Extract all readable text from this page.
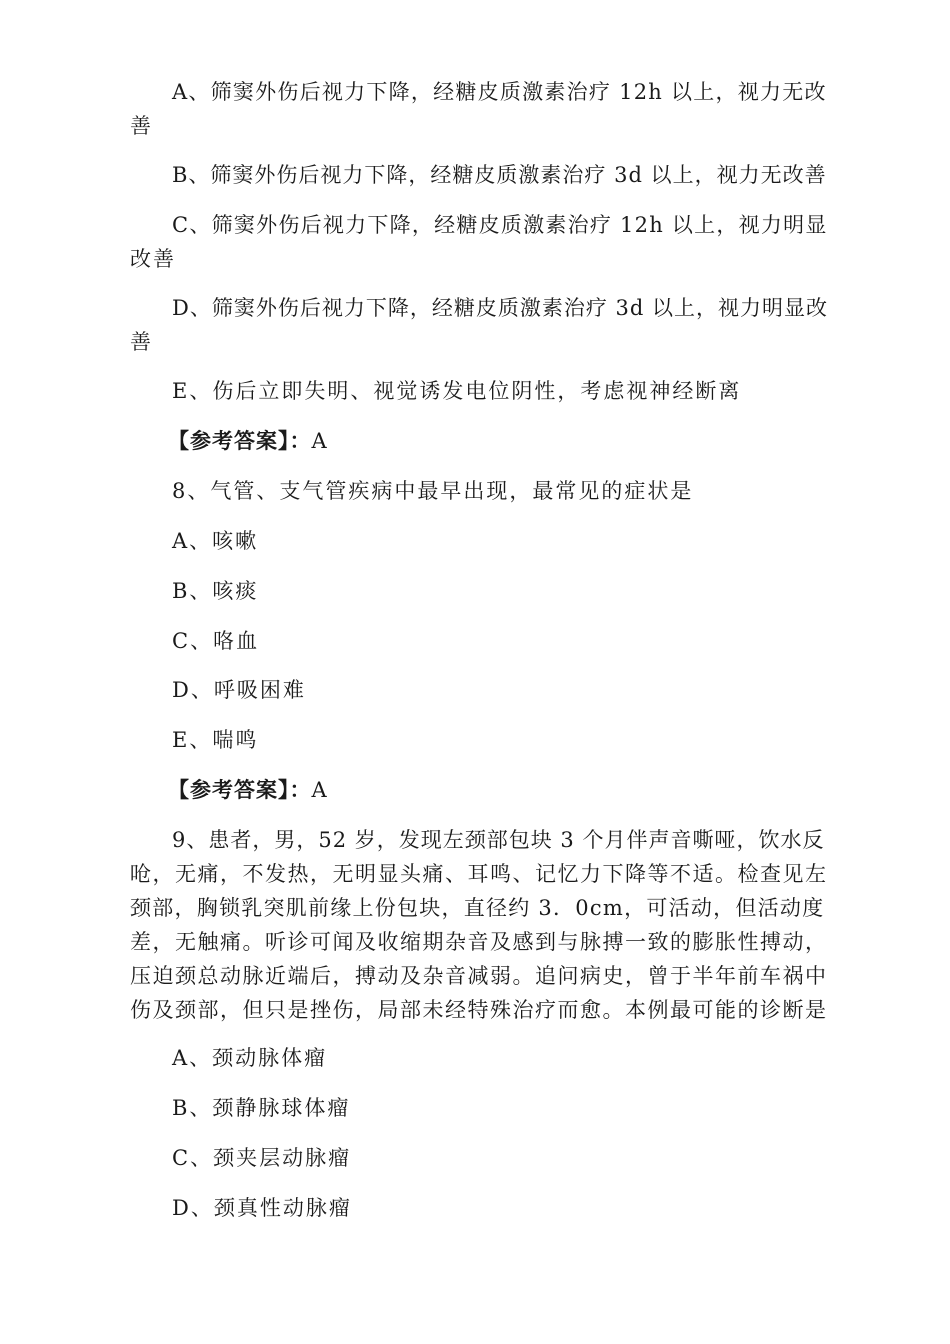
A、筛窦外伤后视力下降，经糖皮质激素治疗 12h 以上，视力无改
善
B、筛窦外伤后视力下降，经糖皮质激素治疗 3d 以上，视力无改善
C、筛窦外伤后视力下降，经糖皮质激素治疗 12h 以上，视力明显
改善
D、筛窦外伤后视力下降，经糖皮质激素治疗 3d 以上，视力明显改
善
E、伤后立即失明、视觉诱发电位阴性，考虑视神经断离
【参考答案】：A
8、气管、支气管疾病中最早出现，最常见的症状是
A、咳嗽
B、咳痰
C、咯血
D、呼吸困难
E、喘鸣
【参考答案】：A
9、患者，男，52 岁，发现左颈部包块 3 个月伴声音嘶哑，饮水反
呛，无痛，不发热，无明显头痛、耳鸣、记忆力下降等不适。检查见左
颈部，胸锁乳突肌前缘上份包块，直径约 3．0cm，可活动，但活动度
差，无触痛。听诊可闻及收缩期杂音及感到与脉搏一致的膨胀性搏动，
压迫颈总动脉近端后，搏动及杂音减弱。追问病史，曾于半年前车祸中
伤及颈部，但只是挫伤，局部未经特殊治疗而愈。本例最可能的诊断是
A、颈动脉体瘤
B、颈静脉球体瘤
C、颈夹层动脉瘤
D、颈真性动脉瘤
